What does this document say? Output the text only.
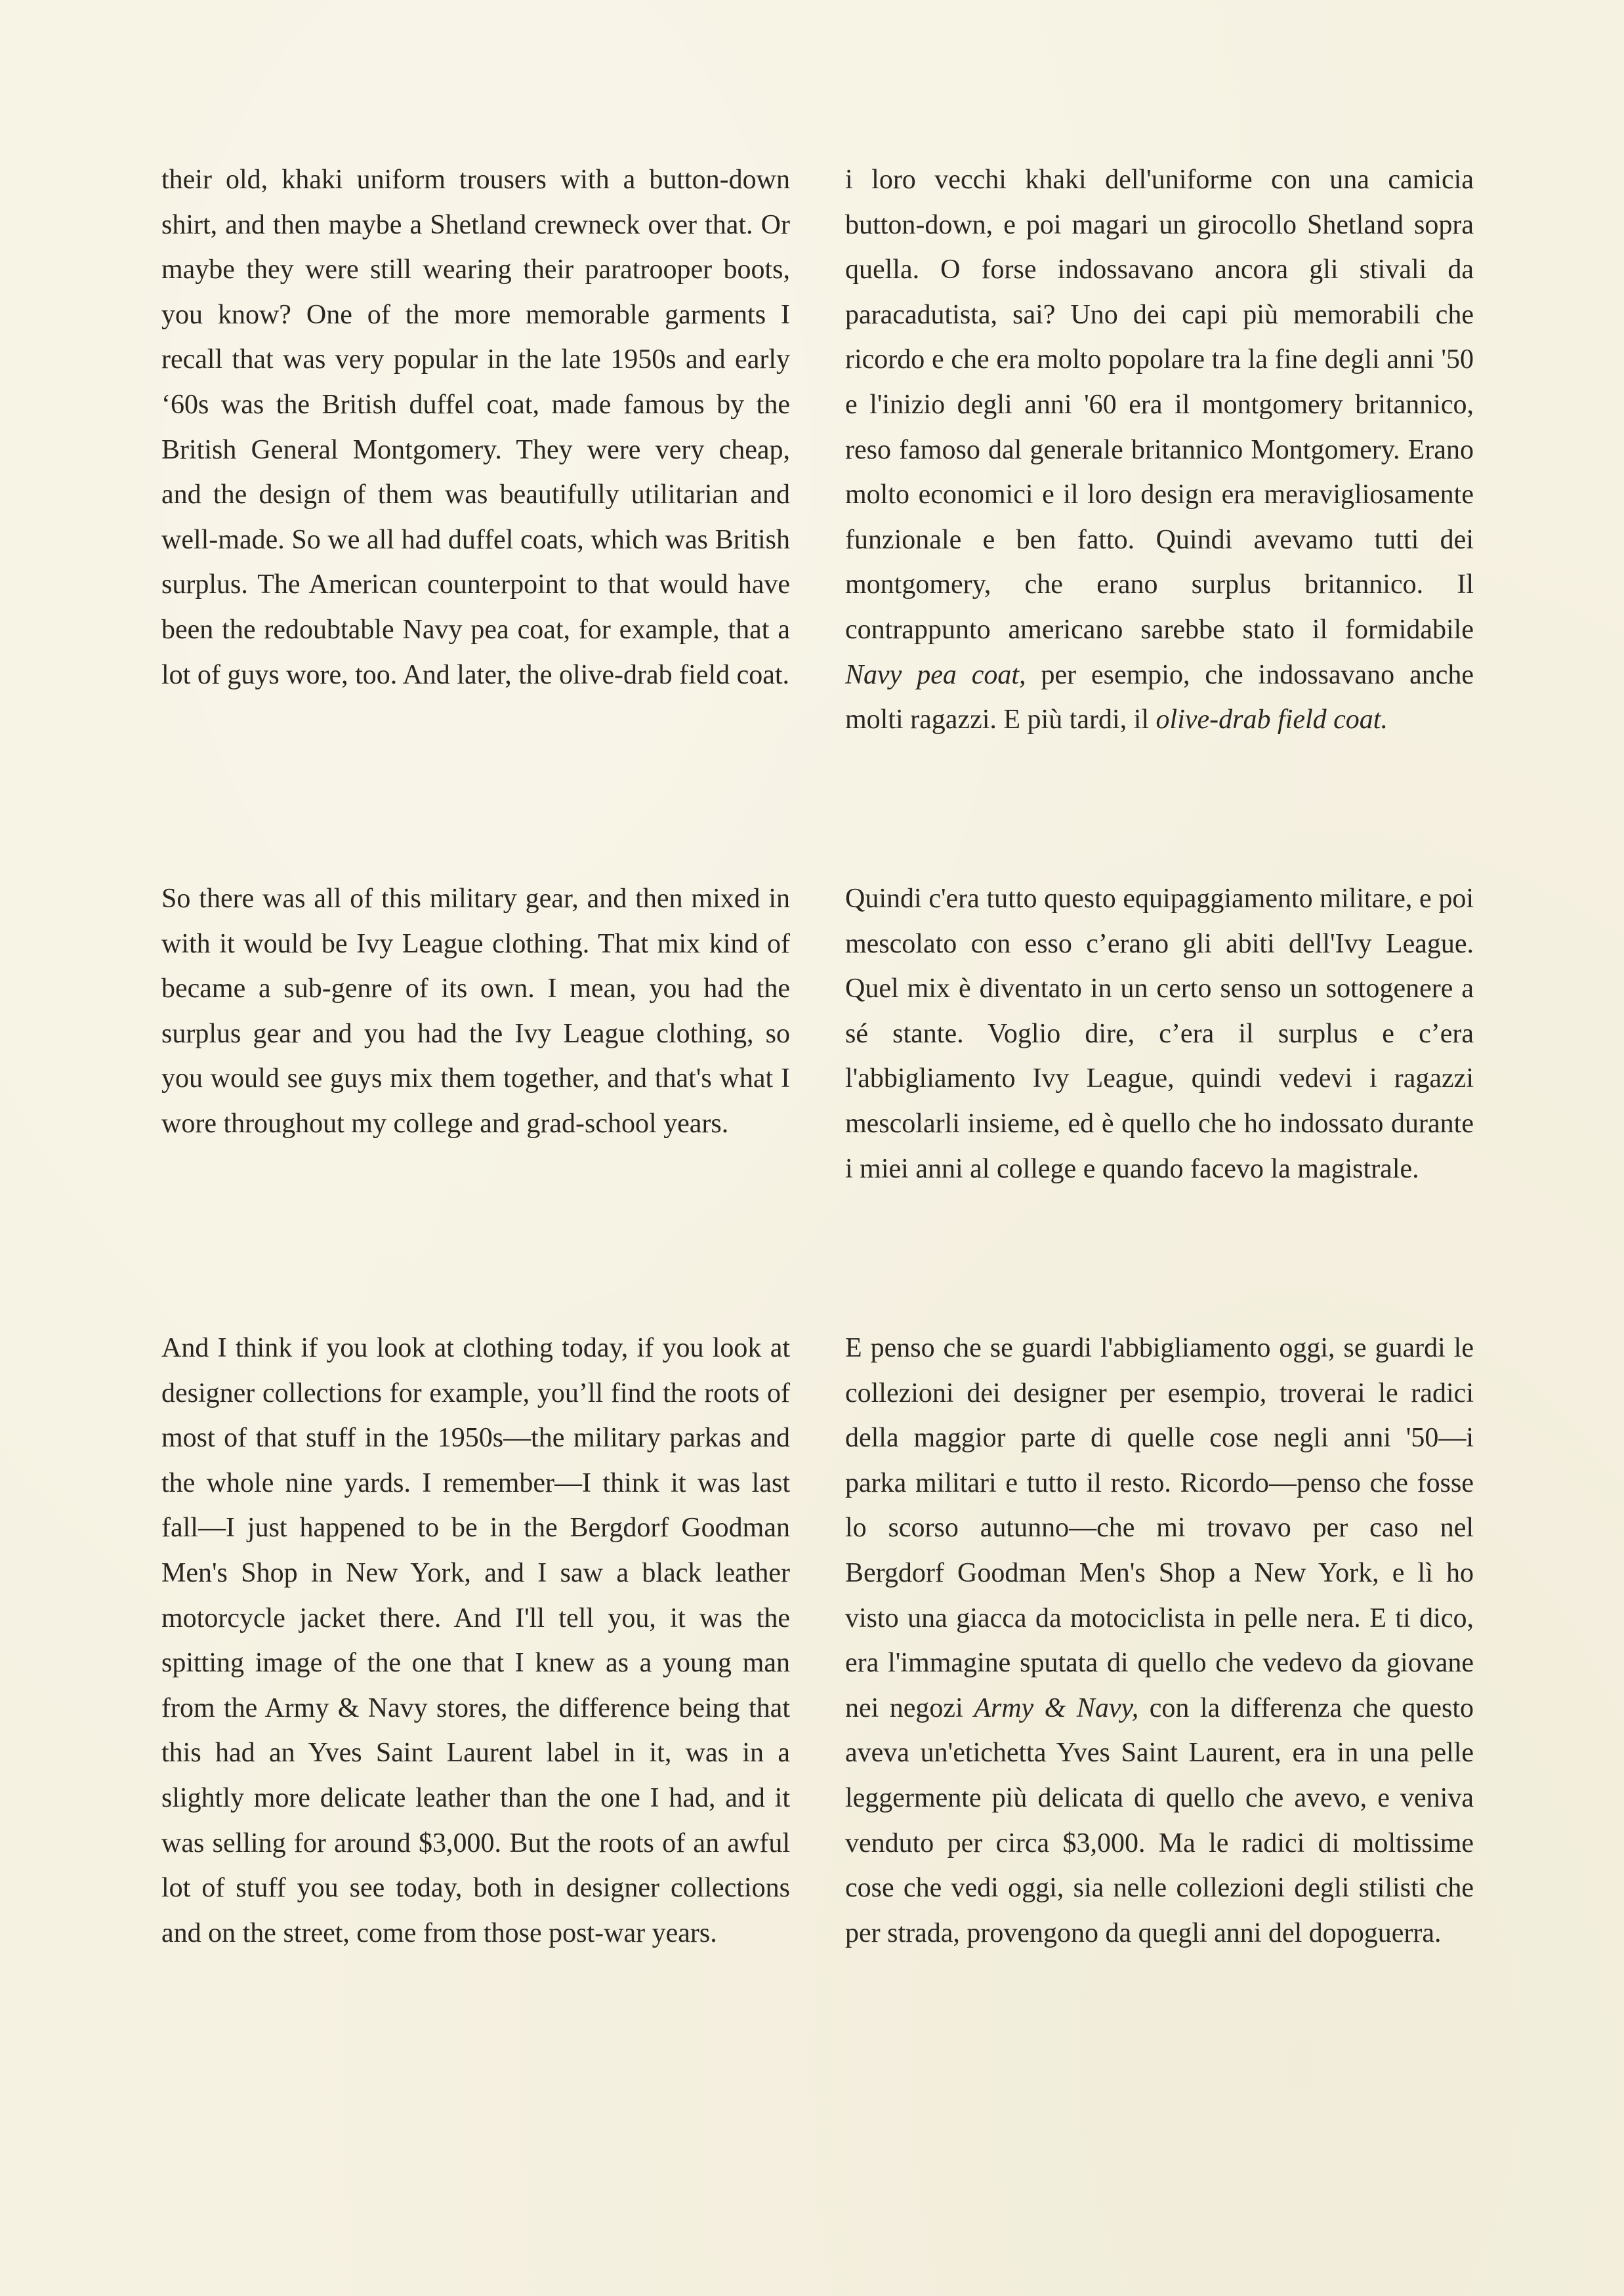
their old, khaki uniform trousers with a button-down shirt, and then maybe a Shetland crewneck over that. Or maybe they were still wearing their paratrooper boots, you know? One of the more memorable garments I recall that was very popular in the late 1950s and early ‘60s was the British duffel coat, made famous by the British General Montgomery. They were very cheap, and the design of them was beautifully utilitarian and well-made. So we all had duffel coats, which was British surplus. The American counterpoint to that would have been the redoubtable Navy pea coat, for example, that a lot of guys wore, too. And later, the olive-drab field coat.

i loro vecchi khaki dell'uniforme con una camicia button-down, e poi magari un girocollo Shetland sopra quella. O forse indossavano ancora gli stivali da paracadutista, sai? Uno dei capi più memorabili che ricordo e che era molto popolare tra la fine degli anni '50 e l'inizio degli anni '60 era il montgomery britannico, reso famoso dal generale britannico Montgomery. Erano molto economici e il loro design era meravigliosamente funzionale e ben fatto. Quindi avevamo tutti dei montgomery, che erano surplus britannico. Il contrappunto americano sarebbe stato il formidabile Navy pea coat, per esempio, che indossavano anche molti ragazzi. E più tardi, il olive-drab field coat.

So there was all of this military gear, and then mixed in with it would be Ivy League clothing. That mix kind of became a sub-genre of its own. I mean, you had the surplus gear and you had the Ivy League clothing, so you would see guys mix them together, and that's what I wore throughout my college and grad-school years.

Quindi c'era tutto questo equipaggiamento militare, e poi mescolato con esso c’erano gli abiti dell'Ivy League. Quel mix è diventato in un certo senso un sottogenere a sé stante. Voglio dire, c’era il surplus e c’era l'abbigliamento Ivy League, quindi vedevi i ragazzi mescolarli insieme, ed è quello che ho indossato durante i miei anni al college e quando facevo la magistrale.

And I think if you look at clothing today, if you look at designer collections for example, you’ll find the roots of most of that stuff in the 1950s—the military parkas and the whole nine yards. I remember—I think it was last fall—I just happened to be in the Bergdorf Goodman Men's Shop in New York, and I saw a black leather motorcycle jacket there. And I'll tell you, it was the spitting image of the one that I knew as a young man from the Army & Navy stores, the difference being that this had an Yves Saint Laurent label in it, was in a slightly more delicate leather than the one I had, and it was selling for around $3,000. But the roots of an awful lot of stuff you see today, both in designer collections and on the street, come from those post-war years.

E penso che se guardi l'abbigliamento oggi, se guardi le collezioni dei designer per esempio, troverai le radici della maggior parte di quelle cose negli anni '50—i parka militari e tutto il resto. Ricordo—penso che fosse lo scorso autunno—che mi trovavo per caso nel Bergdorf Goodman Men's Shop a New York, e lì ho visto una giacca da motociclista in pelle nera. E ti dico, era l'immagine sputata di quello che vedevo da giovane nei negozi Army & Navy, con la differenza che questo aveva un'etichetta Yves Saint Laurent, era in una pelle leggermente più delicata di quello che avevo, e veniva venduto per circa $3,000. Ma le radici di moltissime cose che vedi oggi, sia nelle collezioni degli stilisti che per strada, provengono da quegli anni del dopoguerra.
